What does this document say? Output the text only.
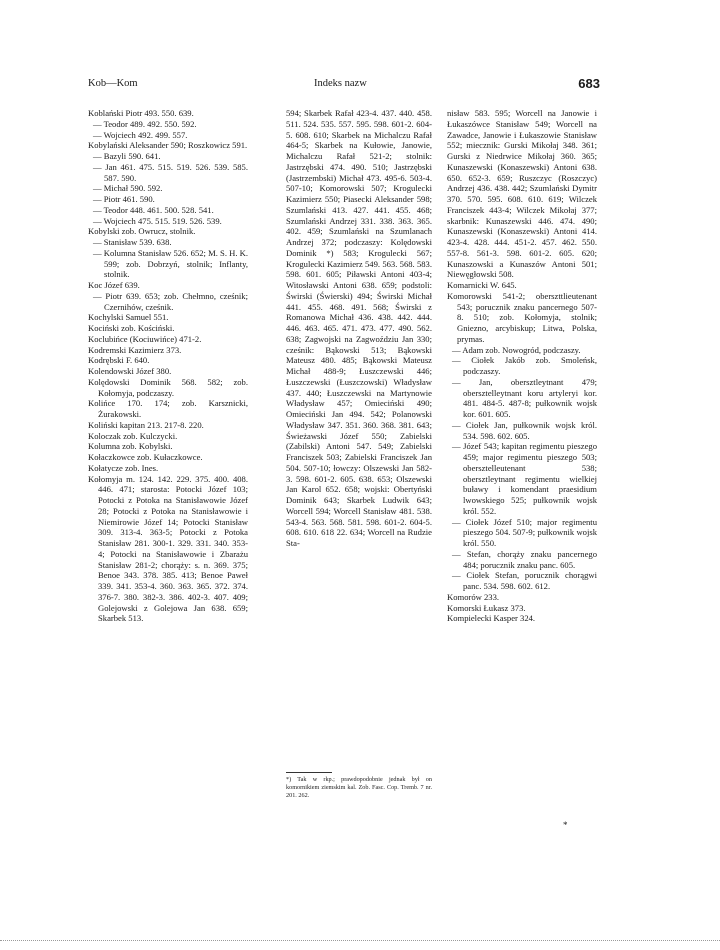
Kob—Kom	Indeks nazw	683

Koblański Piotr 493. 550. 639.

— Teodor 489. 492. 550. 592.

— Wojciech 492. 499. 557.

Kobylański Aleksander 590; Roszkowicz 591.

— Bazyli 590. 641.

— Jan 461. 475. 515. 519. 526. 539. 585. 587. 590.

— Michał 590. 592.

— Piotr 461. 590.

— Teodor 448. 461. 500. 528. 541.

— Wojciech 475. 515. 519. 526. 539.

Kobylski zob. Owrucz, stolnik.

— Stanisław 539. 638.

— Kolumna Stanisław 526. 652; M. S. H. K. 599; zob. Dobrzyń, stolnik; Inflanty, stolnik.

Koc Józef 639.

— Piotr 639. 653; zob. Chełmno, cześnik; Czernihów, cześnik.

Kochylski Samuel 551.

Kociński zob. Kościński.

Koclubińce (Kociuwińce) 471-2.

Kodremski Kazimierz 373.

Kodrębski F. 640.

Kolendowski Józef 380.

Kolędowski Dominik 568. 582; zob. Kołomyja, podczaszy.

Kolińce 170. 174; zob. Karsznicki, Żurakowski.

Koliński kapitan 213. 217-8. 220.

Koloczak zob. Kulczycki.

Kolumna zob. Kobylski.

Kołaczkowce zob. Kułaczkowce.

Kołatycze zob. Ines.

Kołomyja m. 124. 142. 229. 375. 400. 408. 446. 471; starosta: Potocki Józef 103; Potocki z Potoka na Stanisławowie Józef 28; Potocki z Potoka na Stanisławowie i Niemirowie Józef 14; Potocki Stanisław 309. 313-4. 363-5; Potocki z Potoka Stanisław 281. 300-1. 329. 331. 340. 353-4; Potocki na Stanisławowie i Zbarażu Stanisław 281-2; chorąży: s. n. 369. 375; Benoe 343. 378. 385. 413; Benoe Paweł 339. 341. 353-4. 360. 363. 365. 372. 374. 376-7. 380. 382-3. 386. 402-3. 407. 409; Golejowski z Golejowa Jan 638. 659; Skarbek 513.

594; Skarbek Rafał 423-4. 437. 440. 458. 511. 524. 535. 557. 595. 598. 601-2. 604-5. 608. 610; Skarbek na Michalczu Rafał 464-5; Skarbek na Kułowie, Janowie, Michalczu Rafał 521-2; stolnik: Jastrzębski 474. 490. 510; Jastrzębski (Jastrzembski) Michał 473. 495-6. 503-4. 507-10; Komorowski 507; Krogulecki Kazimierz 550; Piasecki Aleksander 598; Szumlański 413. 427. 441. 455. 468; Szumlański Andrzej 331. 338. 363. 365. 402. 459; Szumlański na Szumlanach Andrzej 372; podczaszy: Kolędowski Dominik *) 583; Krogulecki 567; Krogulecki Kazimierz 549. 563. 568. 583. 598. 601. 605; Piławski Antoni 403-4; Witosławski Antoni 638. 659; podstoli: Świrski (Świerski) 494; Świrski Michał 441. 455. 468. 491. 568; Świrski z Romanowa Michał 436. 438. 442. 444. 446. 463. 465. 471. 473. 477. 490. 562. 638; Zagwojski na Zagwoździu Jan 330; cześnik: Bąkowski 513; Bąkowski Mateusz 480. 485; Bąkowski Mateusz Michał 488-9; Łuszczewski 446; Łuszczewski (Łuszczowski) Władysław 437. 440; Łuszczewski na Martynowie Władysław 457; Omieciński 490; Omieciński Jan 494. 542; Polanowski Władysław 347. 351. 360. 368. 381. 643; Świeżawski Józef 550; Zabielski (Zabilski) Antoni 547. 549; Zabielski Franciszek 503; Zabielski Franciszek Jan 504. 507-10; łowczy: Olszewski Jan 582-3. 598. 601-2. 605. 638. 653; Olszewski Jan Karol 652. 658; wojski: Obertyński Dominik 643; Skarbek Ludwik 643; Worcell 594; Worcell Stanisław 481. 538. 543-4. 563. 568. 581. 598. 601-2. 604-5. 608. 610. 618 22. 634; Worcell na Rudzie Sta-

nisław 583. 595; Worcell na Janowie i Łukaszówce Stanisław 549; Worcell na Zawadce, Janowie i Łukaszowie Stanisław 552; miecznik: Gurski Mikołaj 348. 361; Gurski z Niedrwice Mikołaj 360. 365; Kunaszewski (Konaszewski) Antoni 638. 650. 652-3. 659; Ruszczyc (Roszczyc) Andrzej 436. 438. 442; Szumlański Dymitr 370. 570. 595. 608. 610. 619; Wilczek Franciszek 443-4; Wilczek Mikołaj 377; skarbnik: Kunaszewski 446. 474. 490; Kunaszewski (Konaszewski) Antoni 414. 423-4. 428. 444. 451-2. 457. 462. 550. 557-8. 561-3. 598. 601-2. 605. 620; Kunaszowski a Kunaszów Antoni 501; Niewęgłowski 508.

Komarnicki W. 645.

Komorowski 541-2; oberszttlieutenant 543; porucznik znaku pancernego 507-8. 510; zob. Kołomyja, stolnik; Gniezno, arcybiskup; Litwa, Polska, prymas.

— Adam zob. Nowogród, podczaszy.

— Ciołek Jakób zob. Smoleńsk, podczaszy.

— Jan, obersztleytnant 479; obersztelleytnant koru artyleryi kor. 481. 484-5. 487-8; pułkownik wojsk kor. 601. 605.

— Ciołek Jan, pułkownik wojsk król. 534. 598. 602. 605.

— Józef 543; kapitan regimentu pieszego 459; major regimentu pieszego 503; obersztelleutenant 538; obersztleytnant regimentu wielkiej buławy i komendant praesidium lwowskiego 525; pułkownik wojsk król. 552.

— Ciołek Józef 510; major regimentu pieszego 504. 507-9; pułkownik wojsk król. 550.

— Stefan, chorąży znaku pancernego 484; porucznik znaku panc. 605.

— Ciołek Stefan, porucznik chorągwi panc. 534. 598. 602. 612.

Komorów 233.

Komorski Łukasz 373.

Kompielecki Kasper 324.

*) Tak w rkp.; prawdopodobnie jednak był on komornikiem ziemskim kal. Zob. Fasc. Cop. Tremb. 7 nr. 201. 262.
*
